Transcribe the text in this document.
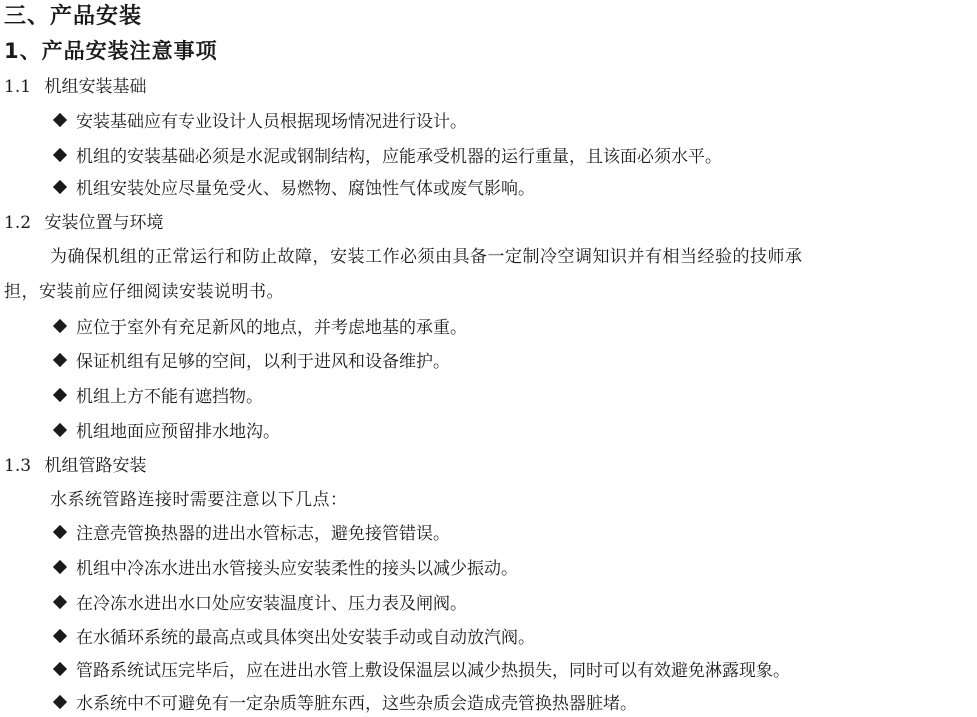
三、产品安装
1、产品安装注意事项
1.1 机组安装基础
安装基础应有专业设计人员根据现场情况进行设计。
机组的安装基础必须是水泥或钢制结构，应能承受机器的运行重量，且该面必须水平。
机组安装处应尽量免受火、易燃物、腐蚀性气体或废气影响。
1.2 安装位置与环境
为确保机组的正常运行和防止故障，安装工作必须由具备一定制冷空调知识并有相当经验的技师承
担，安装前应仔细阅读安装说明书。
应位于室外有充足新风的地点，并考虑地基的承重。
保证机组有足够的空间，以利于进风和设备维护。
机组上方不能有遮挡物。
机组地面应预留排水地沟。
1.3 机组管路安装
水系统管路连接时需要注意以下几点：
注意壳管换热器的进出水管标志，避免接管错误。
机组中冷冻水进出水管接头应安装柔性的接头以减少振动。
在冷冻水进出水口处应安装温度计、压力表及闸阀。
在水循环系统的最高点或具体突出处安装手动或自动放汽阀。
管路系统试压完毕后，应在进出水管上敷设保温层以减少热损失，同时可以有效避免淋露现象。
水系统中不可避免有一定杂质等脏东西，这些杂质会造成壳管换热器脏堵。
